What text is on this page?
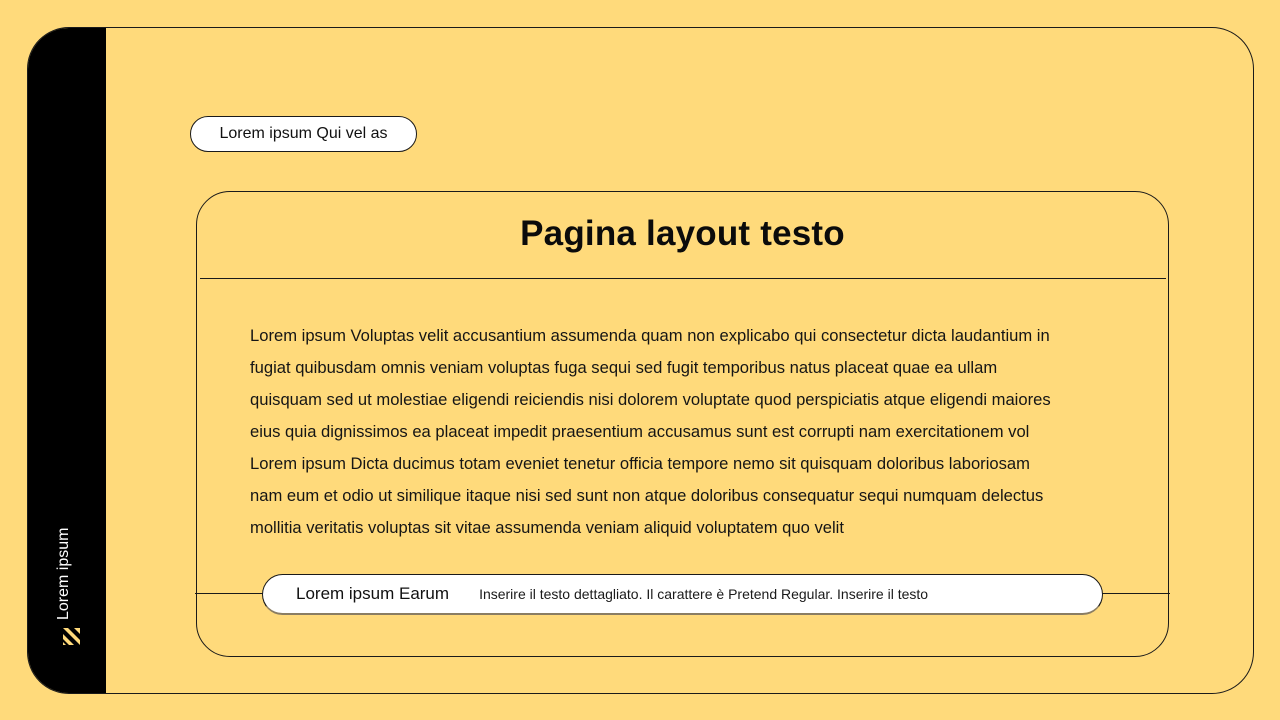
Lorem ipsum
Lorem ipsum Qui vel as
Pagina layout testo

Lorem ipsum Voluptas velit accusantium assumenda quam non explicabo qui consectetur dicta laudantium in

fugiat quibusdam omnis veniam voluptas fuga sequi sed fugit temporibus natus placeat quae ea ullam

quisquam sed ut molestiae eligendi reiciendis nisi dolorem voluptate quod perspiciatis atque eligendi maiores

eius quia dignissimos ea placeat impedit praesentium accusamus sunt est corrupti nam exercitationem vol

Lorem ipsum Dicta ducimus totam eveniet tenetur officia tempore nemo sit quisquam doloribus laboriosam

nam eum et odio ut similique itaque nisi sed sunt non atque doloribus consequatur sequi numquam delectus

mollitia veritatis voluptas sit vitae assumenda veniam aliquid voluptatem quo velit

Lorem ipsum Earum Inserire il testo dettagliato. Il carattere è Pretend Regular. Inserire il testo
